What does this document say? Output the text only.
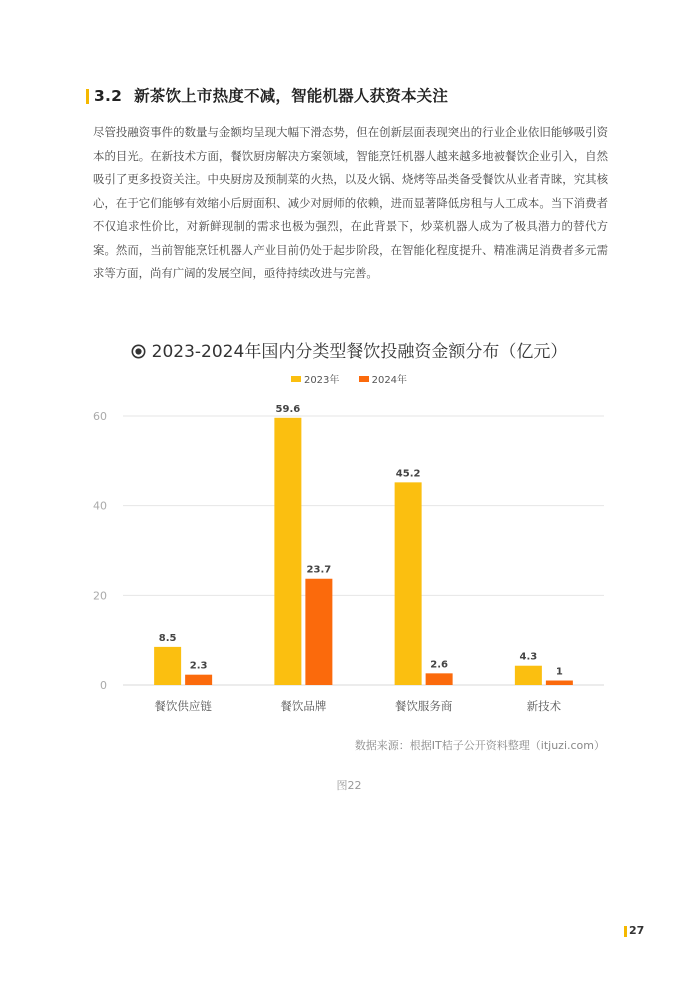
3.2 新茶饮上市热度不减，智能机器人获资本关注

尽管投融资事件的数量与金额均呈现大幅下滑态势，但在创新层面表现突出的行业企业依旧能够吸引资本的目光。在新技术方面，餐饮厨房解决方案领域，智能烹饪机器人越来越多地被餐饮企业引入，自然吸引了更多投资关注。中央厨房及预制菜的火热，以及火锅、烧烤等品类备受餐饮从业者青睐，究其核心，在于它们能够有效缩小后厨面积、减少对厨师的依赖，进而显著降低房租与人工成本。当下消费者不仅追求性价比，对新鲜现制的需求也极为强烈，在此背景下，炒菜机器人成为了极具潜力的替代方案。然而，当前智能烹饪机器人产业目前仍处于起步阶段，在智能化程度提升、精准满足消费者多元需求等方面，尚有广阔的发展空间，亟待持续改进与完善。

2023-2024年国内分类型餐饮投融资金额分布（亿元）
2023年	2024年
0
20
40
60
8.5
2.3
餐饮供应链
59.6
23.7
餐饮品牌
45.2
2.6
餐饮服务商
4.3
1
新技术
数据来源：根据IT桔子公开资料整理（itjuzi.com）
图22
27
